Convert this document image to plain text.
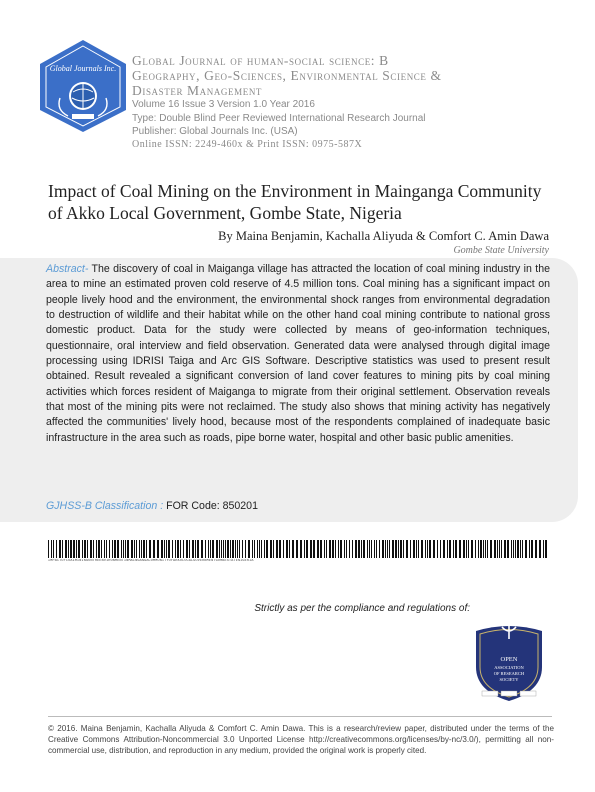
Global Journals Inc.
Global Journal of human-social science: B
Geography, Geo-Sciences, Environmental Science &
Disaster Management
Volume 16 Issue 3 Version 1.0 Year 2016
Type: Double Blind Peer Reviewed International Research Journal
Publisher: Global Journals Inc. (USA)
Online ISSN: 2249-460x & Print ISSN: 0975-587X
Impact of Coal Mining on the Environment in Mainganga Community of Akko Local Government, Gombe State, Nigeria
By Maina Benjamin, Kachalla Aliyuda & Comfort C. Amin Dawa
Gombe State University
Abstract- The discovery of coal in Maiganga village has attracted the location of coal mining industry in the area to mine an estimated proven cold reserve of 4.5 million tons. Coal mining has a significant impact on people lively hood and the environment, the environmental shock ranges from environmental degradation to destruction of wildlife and their habitat while on the other hand coal mining contribute to national gross domestic product. Data for the study were collected by means of geo-information techniques, questionnaire, oral interview and field observation. Generated data were analysed through digital image processing using IDRISI Taiga and Arc GIS Software. Descriptive statistics was used to present result obtained. Result revealed a significant conversion of land cover features to mining pits by coal mining activities which forces resident of Maiganga to migrate from their original settlement. Observation reveals that most of the mining pits were not reclaimed. The study also shows that mining activity has negatively affected the communities' lively hood, because most of the respondents complained of inadequate basic infrastructure in the area such as roads, pipe borne water, hospital and other basic public amenities.
GJHSS-B Classification : FOR Code: 850201
IMPACTOFCOALMININGONTHEENVIRONMENTINMAINGANGACOMMUNITYOFAKKOLOCALGOVERNMENTGOMBESTATENIGERIA
Strictly as per the compliance and regulations of:
OPEN
ASSOCIATION
OF RESEARCH
SOCIETY
© 2016. Maina Benjamin, Kachalla Aliyuda & Comfort C. Amin Dawa. This is a research/review paper, distributed under the terms of the Creative Commons Attribution-Noncommercial 3.0 Unported License http://creativecommons.org/licenses/by-nc/3.0/), permitting all non-commercial use, distribution, and reproduction in any medium, provided the original work is properly cited.
